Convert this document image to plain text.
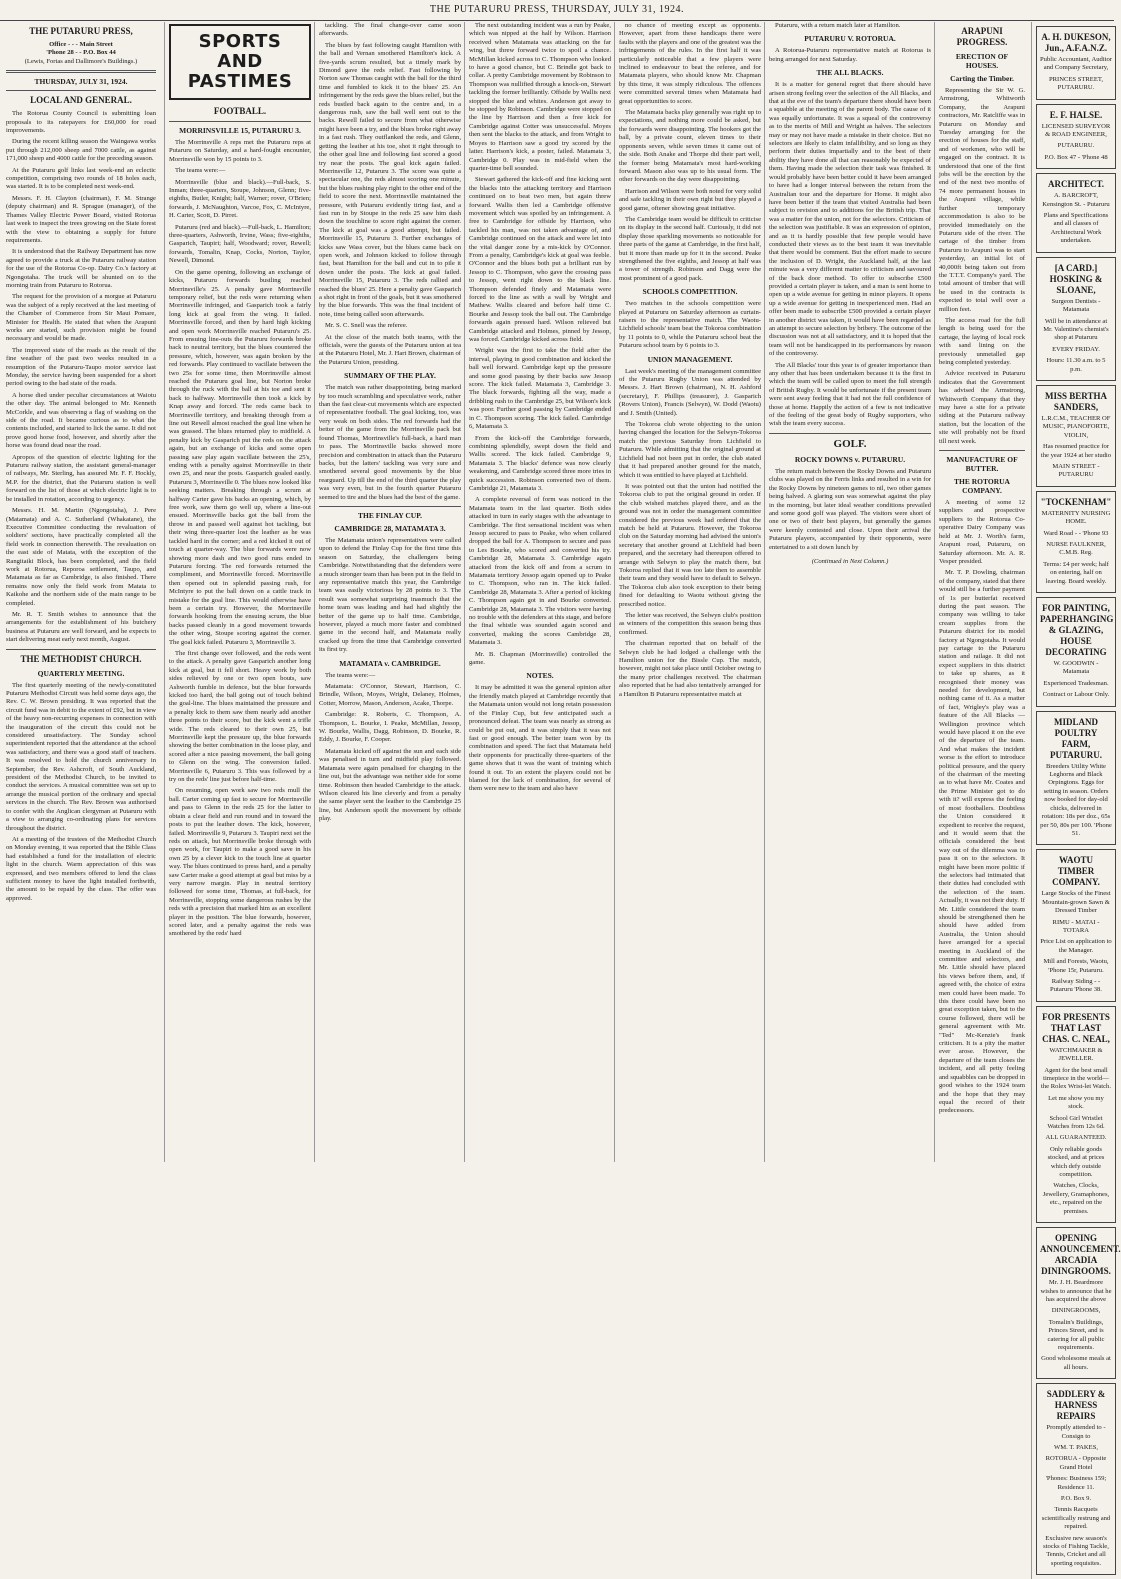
THE PUTARURU PRESS, THURSDAY, JULY 31, 1924.
THE PUTARURU PRESS,
Office - - - Main Street
'Phone 28 - - P.O. Box 44
(Lewis, Fortas and Dallimore's Buildings.)
THURSDAY, JULY 31, 1924.
LOCAL AND GENERAL.

The Rotorua County Council is submitting loan proposals to its ratepayers for £60,000 for road improvements.

During the recent killing season the Waingawa works put through 212,000 sheep and 7000 cattle, as against 171,000 sheep and 4000 cattle for the preceding season.

At the Putaruru golf links last week-end an eclectic competition, comprising two rounds of 18 holes each, was started. It is to be completed next week-end.

Messrs. F. H. Clayton (chairman), F. M. Strange (deputy chairman) and R. Sprague (manager), of the Thames Valley Electric Power Board, visited Rotorua last week to inspect the trees growing on the State forest with the view to obtaining a supply for future requirements.

It is understood that the Railway Department has now agreed to provide a truck at the Putaruru railway station for the use of the Rotorua Co-op. Dairy Co.'s factory at Ngongotaha. The truck will be shunted on to the morning train from Putaruru to Rotorua.

The request for the provision of a morgue at Putaruru was the subject of a reply received at the last meeting of the Chamber of Commerce from Sir Maui Pomare, Minister for Health. He stated that when the Arapuni works are started, such provision might be found necessary and would be made.

The improved state of the roads as the result of the fine weather of the past two weeks resulted in a resumption of the Putaruru-Taupo motor service last Monday, the service having been suspended for a short period owing to the bad state of the roads.

A horse died under peculiar circumstances at Waiotu the other day. The animal belonged to Mr. Kenneth McCorkle, and was observing a flag of washing on the side of the road. It became curious as to what the contents included, and started to lick the same. It did not prove good horse food, however, and shortly after the horse was found dead near the road.

Apropos of the question of electric lighting for the Putaruru railway station, the assistant general-manager of railways, Mr. Sterling, has assured Mr. F. F. Hockly, M.P. for the district, that the Putaruru station is well forward on the list of those at which electric light is to be installed in rotation, according to urgency.

Messrs. H. M. Martin (Ngongotaha), J. Pere (Matamata) and A. C. Sutherland (Whakatane), the Executive Committee conducting the revaluation of soldiers' sections, have practically completed all the field work in connection therewith. The revaluation on the east side of Matata, with the exception of the Rangitaiki Block, has been completed, and the field work at Rotorua, Reporoa settlement, Taupo, and Matamata as far as Cambridge, is also finished. There remains now only the field work from Matata to Kaikohe and the northern side of the main range to be completed.

Mr. R. T. Smith wishes to announce that the arrangements for the establishment of his butchery business at Putaruru are well forward, and he expects to start delivering meat early next month, August.

THE METHODIST CHURCH.
QUARTERLY MEETING.

The first quarterly meeting of the newly-constituted Putaruru Methodist Circuit was held some days ago, the Rev. C. W. Brown presiding. It was reported that the circuit fund was in debit to the extent of £92, but in view of the heavy non-recurring expenses in connection with the inauguration of the circuit this could not be considered unsatisfactory. The Sunday school superintendent reported that the attendance at the school was satisfactory, and there was a good staff of teachers. It was resolved to hold the church anniversary in September, the Rev. Ashcroft, of South Auckland, president of the Methodist Church, to be invited to conduct the services. A musical committee was set up to arrange the musical portion of the ordinary and special services in the church. The Rev. Brown was authorised to confer with the Anglican clergyman at Putaruru with a view to arranging co-ordinating plans for services throughout the district.

At a meeting of the trustees of the Methodist Church on Monday evening, it was reported that the Bible Class had established a fund for the installation of electric light in the church. Warm appreciation of this was expressed, and two members offered to lend the class sufficient money to have the light installed forthwith, the amount to be repaid by the class. The offer was approved.

SPORTS AND PASTIMES
FOOTBALL.
MORRINSVILLE 15, PUTARURU 3.

The Morrinsville A reps met the Putaruru reps at Putaruru on Saturday, and a hard-fought encounter, Morrinsville won by 15 points to 3.

The teams were:—

Morrinsville (blue and black).—Full-back, S. Inman; three-quarters, Stoupe, Johnson, Glenn; five-eighths, Butler, Knight; half, Warner; rover, O'Brien; forwards, J. McNaughton, Varcoe, Fox, C. McIntyre, H. Carter, Scott, D. Pirret.

Putaruru (red and black).—Full-back, L. Hamilton; three-quarters, Ashworth, Irvine, Wass; five-eighths, Gasparich, Taupiri; half, Woodward; rover, Rewell; forwards, Tomalin, Knap, Cocks, Norton, Taylor, Newell, Dimond.

On the game opening, following an exchange of kicks, Putaruru forwards bustling reached Morrinsville's 25. A penalty gave Morrinsville temporary relief, but the reds were returning when Morrinsville infringed, and Gasparich took a fairly long kick at goal from the wing. It failed. Morrinsville forced, and then by hard high kicking and open work Morrinsville reached Putaruru's 25. From ensuing line-outs the Putaruru forwards broke back to neutral territory, but the blues countered the pressure, which, however, was again broken by the red forwards. Play continued to vacillate between the two 25s for some time, then Morrinsville almost reached the Putaruru goal line, but Norton broke through the ruck with the ball at his toe and sent it back to halfway. Morrinsville then took a kick by Knap away and forced. The reds came back to Morrinsville territory, and breaking through from a line out Rewell almost reached the goal line when he was grassed. The blues returned play to midfield. A penalty kick by Gasparich put the reds on the attack again, but an exchange of kicks and some open passing saw play again vacillate between the 25's, ending with a penalty against Morrinsville in their own 25, and near the posts. Gasparich goaled easily. Putaruru 3, Morrinsville 0. The blues now looked like seeking matters. Breaking through a scrum at halfway Carter gave his backs an opening, which, by free work, saw them go well up, where a line-out ensued. Morrinsville backs got the ball from the throw in and passed well against hot tackling, but their wing three-quarter lost the leather as he was tackled hard in the corner; and a red kicked it out of touch at quarter-way. The blue forwards were now showing more dash and two good runs ended in Putaruru forcing. The red forwards returned the compliment, and Morrinsville forced. Morrinsville then opened out in splendid passing rush, for McIntyre to put the ball down on a cattle track in mistake for the goal line. This would otherwise have been a certain try. However, the Morrinsville forwards hooking from the ensuing scrum, the blue backs passed cleanly in a good movement towards the other wing, Stoupe scoring against the corner. The goal kick failed. Putaruru 3, Morrinsville 3.

The first change over followed, and the reds went to the attack. A penalty gave Gasparich another long kick at goal, but it fell short. Heavy work by both sides relieved by one or two open bouts, saw Ashworth fumble in defence, but the blue forwards kicked too hard, the ball going out of touch behind the goal-line. The blues maintained the pressure and a penalty kick to them saw them nearly add another three points to their score, but the kick went a trifle wide. The reds cleared to their own 25, but Morrinsville kept the pressure up, the blue forwards showing the better combination in the loose play, and scored after a nice passing movement, the ball going to Glenn on the wing. The conversion failed. Morrinsville 6, Putaruru 3. This was followed by a try on the reds' line just before half-time.

On resuming, open work saw two reds mull the ball. Carter coming up fast to secure for Morrinsville and pass to Glenn in the reds 25 for the latter to obtain a clear field and run round and in toward the posts to put the leather down. The kick, however, failed. Morrinsville 9, Putaruru 3. Taupiri next set the reds on attack, but Morrinsville broke through with open work, for Taupiri to make a good save in his own 25 by a clever kick to the touch line at quarter way. The blues continued to press hard, and a penalty saw Carter make a good attempt at goal but miss by a very narrow margin. Play in neutral territory followed for some time, Thomas, at full-back, for Morrinsville, stopping some dangerous rushes by the reds with a precision that marked him as an excellent player in the position. The blue forwards, however, scored later, and a penalty against the reds was smothered by the reds' hard

tackling. The final change-over came soon afterwards.

The blues by fast following caught Hamilton with the ball and Vernan smothered Hamilton's kick. A five-yards scrum resulted, but a timely mark by Dimond gave the reds relief. Fast following by Norton saw Thomas caught with the ball for the third time and fumbled to kick it to the blues' 25. An infringement by the reds gave the blues relief, but the reds bustled back again to the centre and, in a dangerous rush, saw the ball well sent out to the backs. Rewell failed to secure from what otherwise might have been a try, and the blues broke right away in a fast rush. They outflanked the reds, and Glenn, getting the leather at his toe, shot it right through to the other goal line and following fast scored a good try near the posts. The goal kick again failed. Morrinsville 12, Putaruru 3. The score was quite a spectacular one, the reds almost scoring one minute, but the blues rushing play right to the other end of the field to score the next. Morrinsville maintained the pressure, with Putaruru evidently tiring fast, and a fast run in by Stoupe in the reds 25 saw him dash down the touchline to score right against the corner. The kick at goal was a good attempt, but failed. Morrinsville 15, Putaruru 3. Further exchanges of kicks saw Wass cover, but the blues came back on open work, and Johnson kicked to follow through fast, beat Hamilton for the ball and cut in to pile it down under the posts. The kick at goal failed. Morrinsville 15, Putaruru 3. The reds rallied and reached the blues' 25. Here a penalty gave Gasparich a shot right in front of the goals, but it was smothered by the blue forwards. This was the final incident of note, time being called soon afterwards.

Mr. S. C. Snell was the referee.

At the close of the match both teams, with the officials, were the guests of the Putaruru union at tea at the Putaruru Hotel, Mr. J. Hart Brown, chairman of the Putaruru Union, presiding.

SUMMARY OF THE PLAY.

The match was rather disappointing, being marked by too much scrambling and speculative work, rather than the fast clear-cut movements which are expected of representative football. The goal kicking, too, was very weak on both sides. The red forwards had the better of the game from the Morrinsville pack but found Thomas, Morrinsville's full-back, a hard man to pass. The Morrinsville backs showed more precision and combination in attack than the Putaruru backs, but the latters' tackling was very sure and smothered several good movements by the blue rearguard. Up till the end of the third quarter the play was very even, but in the fourth quarter Putaruru seemed to tire and the blues had the best of the game.

THE FINLAY CUP.
CAMBRIDGE 28, MATAMATA 3.

The Matamata union's representatives were called upon to defend the Finlay Cup for the first time this season on Saturday, the challengers being Cambridge. Notwithstanding that the defenders were a much stronger team than has been put in the field in any representative match this year, the Cambridge team was easily victorious by 28 points to 3. The result was somewhat surprising inasmuch that the home team was leading and had had slightly the better of the game up to half time. Cambridge, however, played a much more faster and combined game in the second half, and Matamata really cracked up from the time that Cambridge converted its first try.

MATAMATA v. CAMBRIDGE.

The teams were:—

Matamata: O'Connor, Stewart, Harrison, C. Brindle, Wilson, Moyes, Wright, Delaney, Holmes, Cotter, Morrow, Mason, Anderson, Acake, Thorpe.

Cambridge: R. Roberts, C. Thompson, A. Thompson, L. Bourke, I. Peake, McMillan, Jessop, W. Bourke, Wallis, Dagg, Robinson, D. Bourke, R. Eddy, J. Bourke, F. Cooper.

Matamata kicked off against the sun and each side was penalised in turn and midfield play followed. Matamata were again penalised for charging in the line out, but the advantage was neither side for some time. Robinson then headed Cambridge to the attack. Wilson cleared his line cleverly and from a penalty the same player sent the leather to the Cambridge 25 line, but Anderson spoilt the movement by offside play.

The next outstanding incident was a run by Peake, which was nipped at the half by Wilson. Harrison received when Matamata was attacking on the far wing, but threw forward twice to spoil a chance. McMillan kicked across to C. Thompson who looked to have a good chance, but C. Brindle got back to collar. A pretty Cambridge movement by Robinson to Thompson was nullified through a knock-on, Stewart tackling the former brilliantly. Offside by Wallis next stopped the blue and whites. Anderson got away to be stopped by Robinson. Cambridge were stopped on the line by Harrison and then a free kick for Cambridge against Cotter was unsuccessful. Moyes then sent the blacks to the attack, and from Wright to Moyes to Harrison saw a good try scored by the latter. Harrison's kick, a poster, failed. Matamata 3, Cambridge 0. Play was in mid-field when the quarter-time bell sounded.

Stewart gathered the kick-off and fine kicking sent the blacks into the attacking territory and Harrison continued on to beat two men, but again threw forward. Wallis then led a Cambridge offensive movement which was spoiled by an infringement. A free to Cambridge for offside by Harrison, who tackled his man, was not taken advantage of, and Cambridge continued on the attack and were let into the vital danger zone by a mis-kick by O'Connor. From a penalty, Cambridge's kick at goal was feeble. O'Connor and the blues both put a brilliant run by Jessop to C. Thompson, who gave the crossing pass to Jessop, went right down to the black line. Thompson defended finely and Matamata were forced to the line as with a wall by Wright and Mathew. Wallis cleared and before half time C. Bourke and Jessop took the ball out. The Cambridge forwards again pressed hard. Wilson relieved but Cambridge attacked and Holmes, pinned by Jessop, was forced. Cambridge kicked across field.

Wright was the first to take the field after the interval, playing in good combination and kicked the ball well forward. Cambridge kept up the pressure and some good passing by their backs saw Jessop score. The kick failed. Matamata 3, Cambridge 3. The black forwards, fighting all the way, made a dribbling rush to the Cambridge 25, but Wilson's kick was poor. Further good passing by Cambridge ended in C. Thompson scoring. The kick failed. Cambridge 6, Matamata 3.

From the kick-off the Cambridge forwards, combining splendidly, swept down the field and Wallis scored. The kick failed. Cambridge 9, Matamata 3. The blacks' defence was now clearly weakening, and Cambridge scored three more tries in quick succession. Robinson converted two of them. Cambridge 21, Matamata 3.

A complete reversal of form was noticed in the Matamata team in the last quarter. Both sides attacked in turn in early stages with the advantage to Cambridge. The first sensational incident was when Jessop secured to pass to Peake, who when collared dropped the ball for A. Thompson to secure and pass to Les Bourke, who scored and converted his try. Cambridge 28, Matamata 3. Cambridge again attacked from the kick off and from a scrum in Matamata territory Jessop again opened up to Peake to C. Thompson, who ran in. The kick failed. Cambridge 28, Matamata 3. After a period of kicking C. Thompson again got in and Bourke converted. Cambridge 28, Matamata 3. The visitors were having no trouble with the defenders at this stage, and before the final whistle was sounded again scored and converted, making the scores Cambridge 28, Matamata 3.

Mr. B. Chapman (Morrinsville) controlled the game.

NOTES.

It may be admitted it was the general opinion after the friendly match played at Cambridge recently that the Matamata union would not long retain possession of the Finlay Cup, but few anticipated such a pronounced defeat. The team was nearly as strong as could be put out, and it was simply that it was not fast or good enough. The better team won by its combination and speed. The fact that Matamata held their opponents for practically three-quarters of the game shows that it was the want of training which found it out. To an extent the players could not be blamed for the lack of combination, for several of them were new to the team and also have

no chance of meeting except as opponents. However, apart from these handicaps there were faults with the players and one of the greatest was the infringements of the rules. In the first half it was particularly noticeable that a few players were inclined to endeavour to beat the referee, and for Matamata players, who should know Mr. Chapman by this time, it was simply ridiculous. The offences were committed several times when Matamata had great opportunities to score.

The Matamata backs play generally was right up to expectations, and nothing more could be asked, but the forwards were disappointing. The hookers got the ball, by a private count, eleven times to their opponents seven, while seven times it came out of the side. Both Anake and Thorpe did their part well, the former being Matamata's most hard-working forward. Mason also was up to his usual form. The other forwards on the day were disappointing.

Harrison and Wilson were both noted for very solid and safe tackling in their own right but they played a good game, oftener showing great initiative.

The Cambridge team would be difficult to criticise on its display in the second half. Curiously, it did not display those sparkling movements so noticeable for three parts of the game at Cambridge, in the first half, but it more than made up for it in the second. Peake strengthened the five eighths, and Jessop at half was a tower of strength. Robinson and Dagg were the most prominent of a good pack.

SCHOOLS COMPETITION.

Two matches in the schools competition were played at Putaruru on Saturday afternoon as curtain-raisers to the representative match. The Waotu-Lichfield schools' team beat the Tokoroa combination by 11 points to 0, while the Putaruru school beat the Putaruru school team by 6 points to 3.

UNION MANAGEMENT.

Last week's meeting of the management committee of the Putaruru Rugby Union was attended by Messrs. J. Hart Brown (chairman), N. H. Ashford (secretary), F. Phillips (treasurer), J. Gasparich (Rovers Union), Francis (Selwyn), W. Dodd (Waotu) and J. Smith (United).

The Tokoroa club wrote objecting to the union having changed the location for the Selwyn-Tokoroa match the previous Saturday from Lichfield to Putaruru. While admitting that the original ground at Lichfield had not been put in order, the club stated that it had prepared another ground for the match, which it was entitled to have played at Lichfield.

It was pointed out that the union had notified the Tokoroa club to put the original ground in order. If the club wished matches played there, and as the ground was not in order the management committee considered the previous week had ordered that the match be held at Putaruru. However, the Tokoroa club on the Saturday morning had advised the union's secretary that another ground at Lichfield had been prepared, and the secretary had thereupon offered to arrange with Selwyn to play the match there, but Tokoroa replied that it was too late then to assemble their team and they would have to default to Selwyn. The Tokoroa club also took exception to their being fined for defaulting to Waotu without giving the prescribed notice.

The letter was received, the Selwyn club's position as winners of the competition this season being thus confirmed.

The chairman reported that on behalf of the Selwyn club he had lodged a challenge with the Hamilton union for the Bissle Cup. The match, however, might not take place until October owing to the many prior challenges received. The chairman also reported that he had also tentatively arranged for a Hamilton B Putaruru representative match at

Putaruru, with a return match later at Hamilton.

PUTARURU V. ROTORUA.

A Rotorua-Putaruru representative match at Rotorua is being arranged for next Saturday.

THE ALL BLACKS.

It is a matter for general regret that there should have arisen strong feeling over the selection of the All Blacks, and that at the eve of the team's departure there should have been a squabble at the meeting of the parent body. The cause of it was equally unfortunate. It was a squeal of the controversy as to the merits of Mill and Wright as halves. The selectors may or may not have made a mistake in their choice. But no selectors are likely to claim infallibility, and so long as they perform their duties impartially and to the best of their ability they have done all that can reasonably be expected of them. Having made the selection their task was finished. It would probably have been better could it have been arranged to have had a longer interval between the return from the Australian tour and the departure for Home. It might also have been better if the team that visited Australia had been subject to revision and to additions for the British trip. That was a matter for the union, not for the selectors. Criticism of the selection was justifiable. It was an expression of opinion, and as it is hardly possible that few people would have conducted their views as to the best team it was inevitable that there would be comment. But the effort made to secure the inclusion of D. Wright, the Auckland half, at the last minute was a very different matter to criticism and savoured of the back door method. To offer to subscribe £500 provided a certain player is taken, and a man is sent home to open up a wide avenue for getting in minor players. It opens up a wide avenue for getting in inexperienced men. Had an offer been made to subscribe £500 provided a certain player in another district was taken, it would have been regarded as an attempt to secure selection by bribery. The outcome of the discussion was not at all satisfactory, and it is hoped that the team will not be handicapped in its performances by reason of the controversy.

The All Blacks' tour this year is of greater importance than any other that has been undertaken because it is the first in which the team will be called upon to meet the full strength of British Rugby. It would be unfortunate if the present team were sent away feeling that it had not the full confidence of those at home. Happily the action of a few is not indicative of the feeling of the great body of Rugby supporters, who wish the team every success.

GOLF.
ROCKY DOWNS v. PUTARURU.

The return match between the Rocky Downs and Putaruru clubs was played on the Ferris links and resulted in a win for the Rocky Downs by nineteen games to nil, two other games being halved. A glaring sun was somewhat against the play in the morning, but later ideal weather conditions prevailed and some good golf was played. The visitors were short of one or two of their best players, but generally the games were keenly contested and close. Upon their arrival the Putaruru players, accompanied by their opponents, were entertained to a sit down lunch by

(Continued in Next Column.)

ARAPUNI PROGRESS.
ERECTION OF HOUSES.
Carting the Timber.

Representing the Sir W. G. Armstrong, Whitworth Company, the Arapuni contractors, Mr. Ratcliffe was in Putaruru on Monday and Tuesday arranging for the erection of houses for the staff, and of workmen, who will be engaged on the contract. It is understood that one of the first jobs will be the erection by the end of the next two months of 74 more permanent houses in the Arapuni village, while further temporary accommodation is also to be provided immediately on the Putaruru side of the river. The cartage of the timber from Putaruru to Arapuni was to start yesterday, an initial lot of 40,000ft being taken out from the T.T.T. Company's yard. The total amount of timber that will be used in the contracts is expected to total well over a million feet.

The access road for the full length is being used for the cartage, the laying of local rock with sand lining on the previously unmetalled gap being completed yesterday.

Advice received in Putaruru indicates that the Government has advised the Armstrong, Whitworth Company that they may have a site for a private siding at the Putaruru railway station, but the location of the site will probably not be fixed till next week.

MANUFACTURE OF BUTTER.
THE ROTORUA COMPANY.

A meeting of some 12 suppliers and prospective suppliers to the Rotorua Co-operative Dairy Company was held at Mr. J. Worth's farm, Arapuni road, Putaruru, on Saturday afternoon. Mr. A. R. Vesper presided.

Mr. T. P. Dowling, chairman of the company, stated that there would still be a further payment of 1s per butterfat received during the past season. The company was willing to take cream supplies from the Putaruru district for its model factory at Ngongotaha. It would pay cartage to the Putaruru station and railage. It did not expect suppliers in this district to take up shares, as it recognised their money was needed for development, but nothing came of it. As a matter of fact, Wrigley's play was a feature of the All Blacks — Wellington province which would have placed it on the eve of the departure of the team. And what makes the incident worse is the effort to introduce political pressure, and the query of the chairman of the meeting as to what have Mr. Coates and the Prime Minister got to do with it? will express the feeling of most footballers. Doubtless the Union considered it expedient to receive the request, and it would seem that the officials considered the best way out of the dilemma was to pass it on to the selectors. It might have been more politic if the selectors had intimated that their duties had concluded with the selection of the team. Actually, it was not their duty. If Mr. Little considered the team should be strengthened then he should have added from Australia, the Union should have arranged for a special meeting in Auckland of the committee and selectors, and Mr. Little should have placed his views before them, and, if agreed with, the choice of extra men could have been made. To this there could have been no great exception taken, but to the course followed, there will be general agreement with Mr. "Ted" Mc-Kenzie's frank criticism. It is a pity the matter ever arose. However, the departure of the team closes the incident, and all petty feeling and squabbles can be dropped in good wishes to the 1924 team and the hope that they may equal the record of their predecessors.

A. H. DUKESON, Jun., A.F.A.N.Z.

Public Accountant, Auditor and Company Secretary,

PRINCES STREET, PUTARURU.

E. F. HALSE.

LICENSED SURVEYOR & ROAD ENGINEER,

PUTARURU.

P.O. Box 47 - 'Phone 48

ARCHITECT.

A. BARCROFT, Kensington St. - Putaruru

Plans and Specifications and all classes of Architectural Work undertaken.

[A CARD.] HOSKING & SLOANE,

Surgeon Dentists - Matamata

Will be in attendance at Mr. Valentine's chemist's shop at Putaruru

EVERY FRIDAY.

Hours: 11.30 a.m. to 5 p.m.

MISS BERTHA SANDERS,

L.R.C.M., TEACHER OF MUSIC, PIANOFORTE, VIOLIN,

Has resumed practice for the year 1924 at her studio

MAIN STREET - PUTARURU

"TOCKENHAM"

MATERNITY NURSING HOME.

Ward Road - - 'Phone 93

NURSE FAULKNER, C.M.B. Reg.

Terms: £4 per week; half on entering, half on leaving. Board weekly.

FOR PAINTING, PAPERHANGING & GLAZING, HOUSE DECORATING

W. GOODWIN - Matamata

Experienced Tradesman.

Contract or Labour Only.

MIDLAND POULTRY FARM, PUTARURU.

Breeders Utility White Leghorns and Black Orpingtons. Eggs for setting in season. Orders now booked for day-old chicks, delivered in rotation: 18s per doz., 65s per 50, 80s per 100. 'Phone 51.

WAOTU TIMBER COMPANY.

Large Stocks of the Finest Mountain-grown Sawn & Dressed Timber

RIMU - MATAI - TOTARA

Price List on application to the Manager.

Mill and Forests, Waotu, 'Phone 15r, Putaruru.

Railway Siding - - Putaruru 'Phone 38.

FOR PRESENTS THAT LAST CHAS. C. NEAL,

WATCHMAKER & JEWELLER.

Agent for the best small timepiece in the world—the Rolex Wrist-let Watch.

Let me show you my stock.

School Girl Wristlet Watches from 12s 6d.

ALL GUARANTEED.

Only reliable goods stocked, and at prices which defy outside competition.

Watches, Clocks, Jewellery, Gramaphones, etc., repaired on the premises.

OPENING ANNOUNCEMENT. ARCADIA DININGROOMS.

Mr. J. H. Beardmore wishes to announce that he has acquired the above

DININGROOMS,

Tomalin's Buildings, Princes Street, and is catering for all public requirements.

Good wholesome meals at all hours.

SADDLERY & HARNESS REPAIRS

Promptly attended to - Consign to

WM. T. PAKES,

ROTORUA - Opposite Grand Hotel

'Phones: Business 159; Residence 11.

P.O. Box 9.

Tennis Racquets scientifically restrung and repaired.

Exclusive new season's stocks of Fishing Tackle, Tennis, Cricket and all sporting requisites.
